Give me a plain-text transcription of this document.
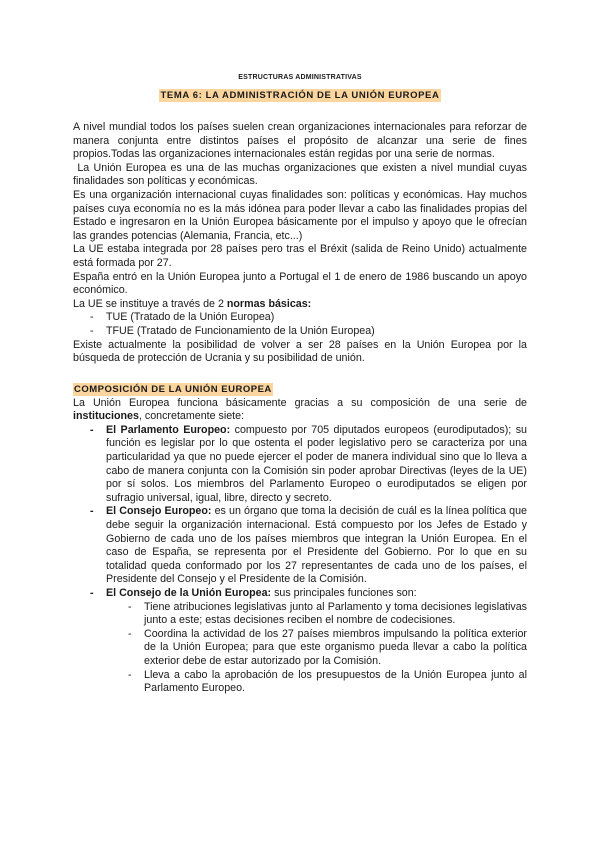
ESTRUCTURAS ADMINISTRATIVAS
TEMA 6: LA ADMINISTRACIÓN DE LA UNIÓN EUROPEA

A nivel mundial todos los países suelen crean organizaciones internacionales para reforzar de manera conjunta entre distintos países el propósito de alcanzar una serie de fines propios.Todas las organizaciones internacionales están regidas por una serie de normas.

La Unión Europea es una de las muchas organizaciones que existen a nivel mundial cuyas finalidades son políticas y económicas.

Es una organización internacional cuyas finalidades son: políticas y económicas. Hay muchos países cuya economía no es la más idónea para poder llevar a cabo las finalidades propias del Estado e ingresaron en la Unión Europea básicamente por el impulso y apoyo que le ofrecían las grandes potencias (Alemania, Francia, etc...)

La UE estaba integrada por 28 países pero tras el Bréxit (salida de Reino Unido) actualmente está formada por 27.

España entró en la Unión Europea junto a Portugal el 1 de enero de 1986 buscando un apoyo económico.

La UE se instituye a través de 2 normas básicas:

- TUE (Tratado de la Unión Europea)
- TFUE (Tratado de Funcionamiento de la Unión Europea)

Existe actualmente la posibilidad de volver a ser 28 países en la Unión Europea por la búsqueda de protección de Ucrania y su posibilidad de unión.

COMPOSICIÓN DE LA UNIÓN EUROPEA

La Unión Europea funciona básicamente gracias a su composición de una serie de instituciones, concretamente siete:

- El Parlamento Europeo: compuesto por 705 diputados europeos (eurodiputados); su función es legislar por lo que ostenta el poder legislativo pero se caracteriza por una particularidad ya que no puede ejercer el poder de manera individual sino que lo lleva a cabo de manera conjunta con la Comisión sin poder aprobar Directivas (leyes de la UE) por sí solos. Los miembros del Parlamento Europeo o eurodiputados se eligen por sufragio universal, igual, libre, directo y secreto.
- El Consejo Europeo: es un órgano que toma la decisión de cuál es la línea política que debe seguir la organización internacional. Está compuesto por los Jefes de Estado y Gobierno de cada uno de los países miembros que integran la Unión Europea. En el caso de España, se representa por el Presidente del Gobierno. Por lo que en su totalidad queda conformado por los 27 representantes de cada uno de los países, el Presidente del Consejo y el Presidente de la Comisión.
- El Consejo de la Unión Europea: sus principales funciones son:
- Tiene atribuciones legislativas junto al Parlamento y toma decisiones legislativas junto a este; estas decisiones reciben el nombre de codecisiones.
- Coordina la actividad de los 27 países miembros impulsando la política exterior de la Unión Europea; para que este organismo pueda llevar a cabo la política exterior debe de estar autorizado por la Comisión.
- Lleva a cabo la aprobación de los presupuestos de la Unión Europea junto al Parlamento Europeo.
